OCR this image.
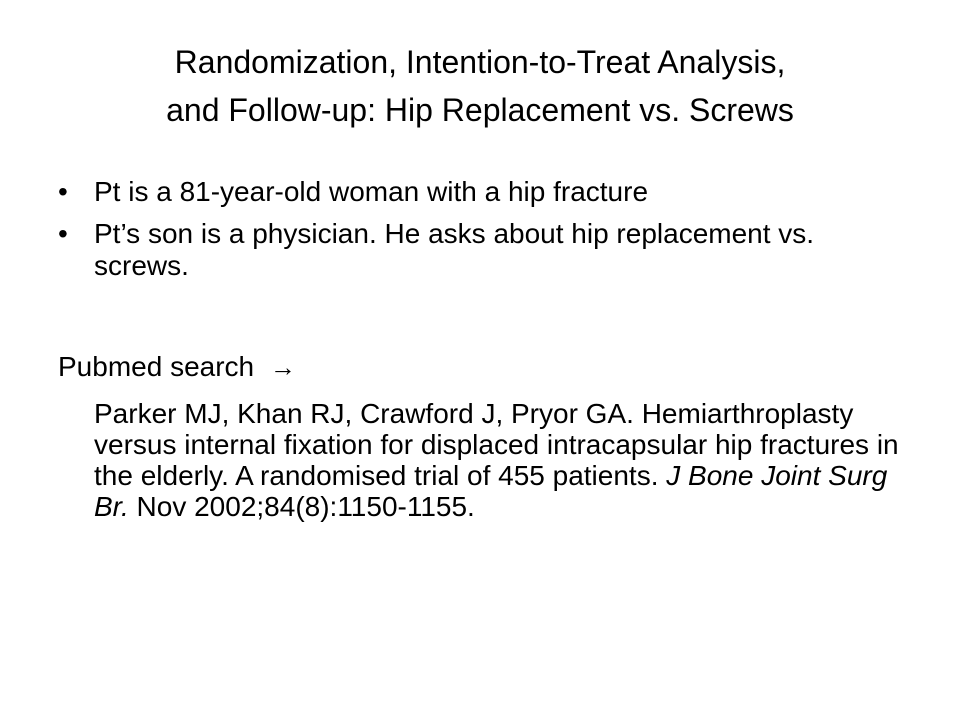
Randomization, Intention-to-Treat Analysis,
and Follow-up: Hip Replacement vs. Screws
• Pt is a 81-year-old woman with a hip fracture
• Pt’s son is a physician. He asks about hip replacement vs. screws.
Pubmed search →
Parker MJ, Khan RJ, Crawford J, Pryor GA. Hemiarthroplasty versus internal fixation for displaced intracapsular hip fractures in the elderly. A randomised trial of 455 patients. J Bone Joint Surg Br. Nov 2002;84(8):1150-1155.
